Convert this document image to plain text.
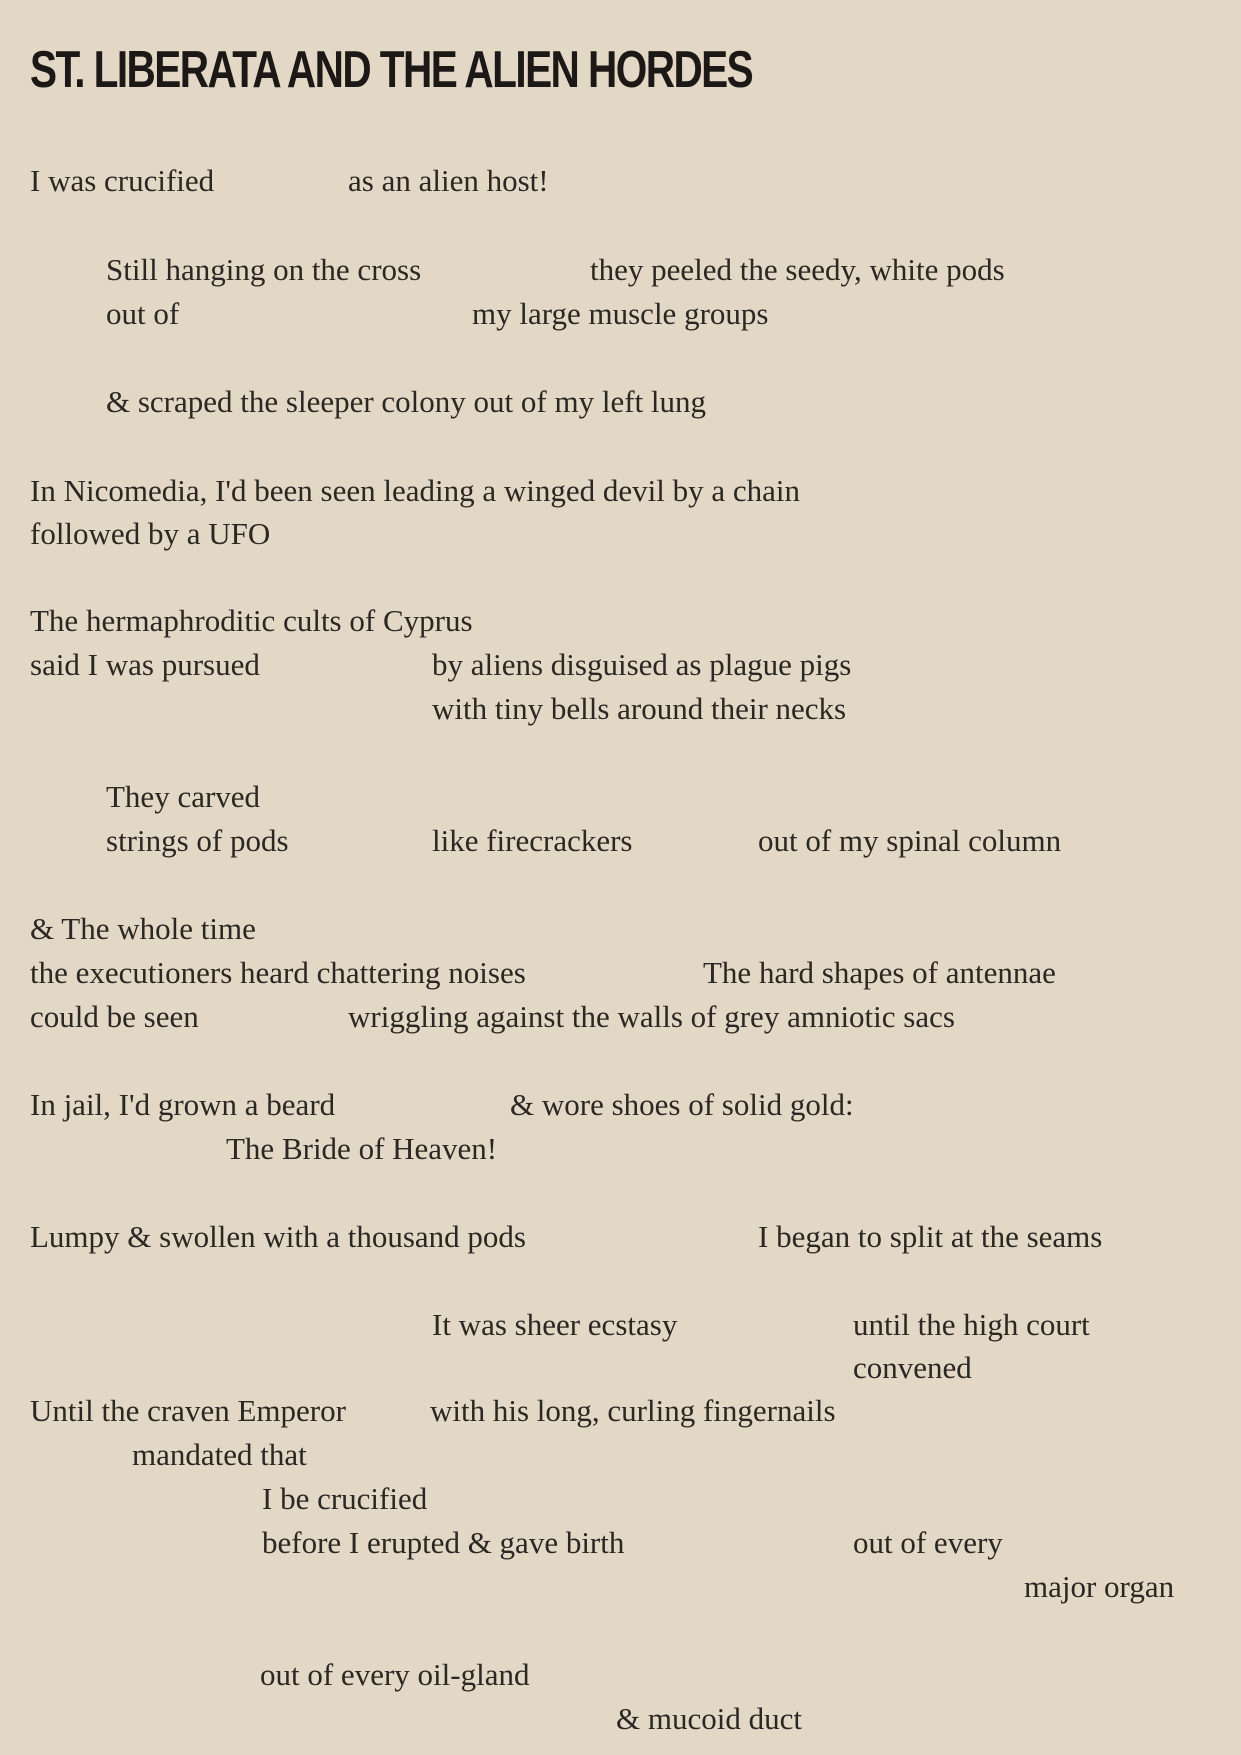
ST. LIBERATA AND THE ALIEN HORDES
I was crucified	as an alien host!
Still hanging on the cross	they peeled the seedy, white pods
out of	my large muscle groups
& scraped the sleeper colony out of my left lung
In Nicomedia, I'd been seen leading a winged devil by a chain
followed by a UFO
The hermaphroditic cults of Cyprus
said I was pursued	by aliens disguised as plague pigs
with tiny bells around their necks
They carved
strings of pods	like firecrackers	out of my spinal column
& The whole time
the executioners heard chattering noises	The hard shapes of antennae
could be seen	wriggling against the walls of grey amniotic sacs
In jail, I'd grown a beard	& wore shoes of solid gold:
The Bride of Heaven!
Lumpy & swollen with a thousand pods	I began to split at the seams
It was sheer ecstasy	until the high court
convened
Until the craven Emperor	with his long, curling fingernails
mandated that
I be crucified
before I erupted & gave birth	out of every
major organ
out of every oil-gland
& mucoid duct
